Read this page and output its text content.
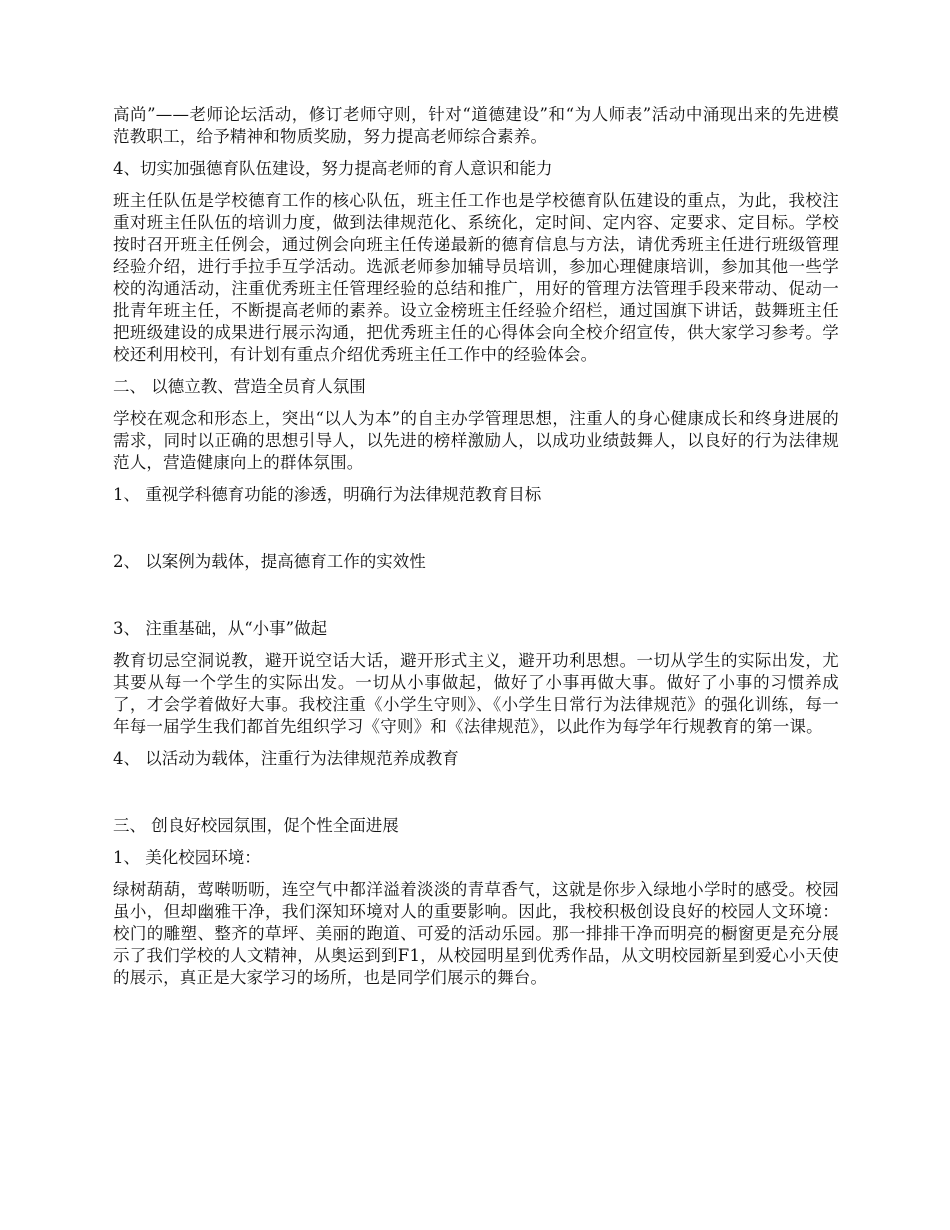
高尚”——老师论坛活动，修订老师守则，针对“道德建设”和“为人师表”活动中涌现出来的先进模范教职工，给予精神和物质奖励，努力提高老师综合素养。

4、切实加强德育队伍建设，努力提高老师的育人意识和能力

班主任队伍是学校德育工作的核心队伍，班主任工作也是学校德育队伍建设的重点，为此，我校注重对班主任队伍的培训力度，做到法律规范化、系统化，定时间、定内容、定要求、定目标。学校按时召开班主任例会，通过例会向班主任传递最新的德育信息与方法，请优秀班主任进行班级管理经验介绍，进行手拉手互学活动。选派老师参加辅导员培训，参加心理健康培训，参加其他一些学校的沟通活动，注重优秀班主任管理经验的总结和推广，用好的管理方法管理手段来带动、促动一批青年班主任，不断提高老师的素养。设立金榜班主任经验介绍栏，通过国旗下讲话，鼓舞班主任把班级建设的成果进行展示沟通，把优秀班主任的心得体会向全校介绍宣传，供大家学习参考。学校还利用校刊，有计划有重点介绍优秀班主任工作中的经验体会。

二、 以德立教、营造全员育人氛围

学校在观念和形态上，突出“以人为本”的自主办学管理思想，注重人的身心健康成长和终身进展的需求，同时以正确的思想引导人，以先进的榜样激励人，以成功业绩鼓舞人，以良好的行为法律规范人，营造健康向上的群体氛围。

1、 重视学科德育功能的渗透，明确行为法律规范教育目标

2、 以案例为载体，提高德育工作的实效性

3、 注重基础，从“小事”做起

教育切忌空洞说教，避开说空话大话，避开形式主义，避开功利思想。一切从学生的实际出发，尤其要从每一个学生的实际出发。一切从小事做起，做好了小事再做大事。做好了小事的习惯养成了，才会学着做好大事。我校注重《小学生守则》、《小学生日常行为法律规范》的强化训练，每一年每一届学生我们都首先组织学习《守则》和《法律规范》，以此作为每学年行规教育的第一课。

4、 以活动为载体，注重行为法律规范养成教育

三、 创良好校园氛围，促个性全面进展

1、 美化校园环境：

绿树葫葫，莺啭呖呖，连空气中都洋溢着淡淡的青草香气，这就是你步入绿地小学时的感受。校园虽小，但却幽雅干净，我们深知环境对人的重要影响。因此，我校积极创设良好的校园人文环境：校门的雕塑、整齐的草坪、美丽的跑道、可爱的活动乐园。那一排排干净而明亮的橱窗更是充分展示了我们学校的人文精神，从奥运到到F1，从校园明星到优秀作品，从文明校园新星到爱心小天使的展示，真正是大家学习的场所，也是同学们展示的舞台。
